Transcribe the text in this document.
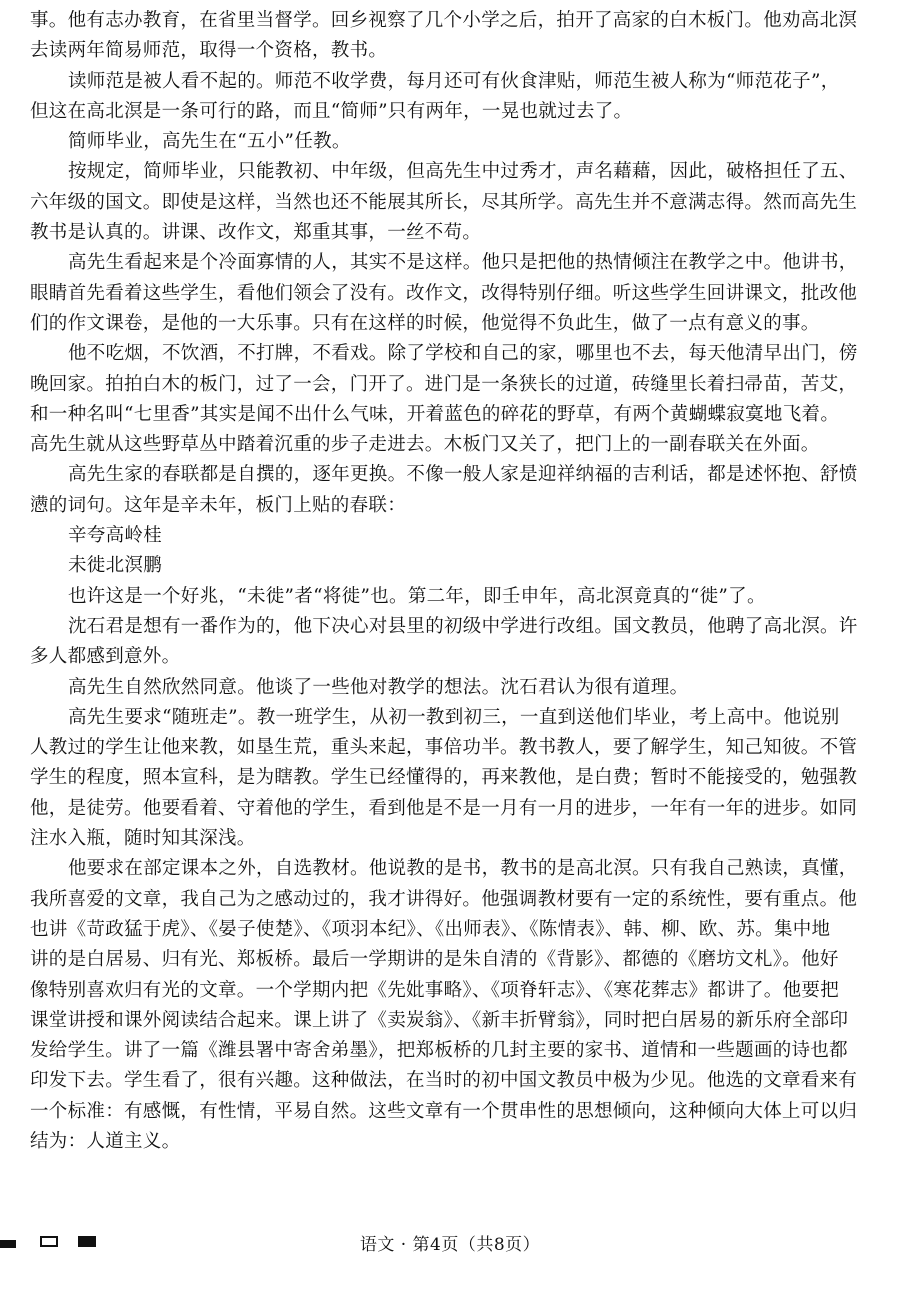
事。他有志办教育，在省里当督学。回乡视察了几个小学之后，拍开了高家的白木板门。他劝高北溟
去读两年简易师范，取得一个资格，教书。
读师范是被人看不起的。师范不收学费，每月还可有伙食津贴，师范生被人称为“师范花子”，
但这在高北溟是一条可行的路，而且“简师”只有两年，一晃也就过去了。
简师毕业，高先生在“五小”任教。
按规定，简师毕业，只能教初、中年级，但高先生中过秀才，声名藉藉，因此，破格担任了五、
六年级的国文。即使是这样，当然也还不能展其所长，尽其所学。高先生并不意满志得。然而高先生
教书是认真的。讲课、改作文，郑重其事，一丝不苟。
高先生看起来是个冷面寡情的人，其实不是这样。他只是把他的热情倾注在教学之中。他讲书，
眼睛首先看着这些学生，看他们领会了没有。改作文，改得特别仔细。听这些学生回讲课文，批改他
们的作文课卷，是他的一大乐事。只有在这样的时候，他觉得不负此生，做了一点有意义的事。
他不吃烟，不饮酒，不打牌，不看戏。除了学校和自己的家，哪里也不去，每天他清早出门，傍
晚回家。拍拍白木的板门，过了一会，门开了。进门是一条狭长的过道，砖缝里长着扫帚苗，苦艾，
和一种名叫“七里香”其实是闻不出什么气味，开着蓝色的碎花的野草，有两个黄蝴蝶寂寞地飞着。
高先生就从这些野草丛中踏着沉重的步子走进去。木板门又关了，把门上的一副春联关在外面。
高先生家的春联都是自撰的，逐年更换。不像一般人家是迎祥纳福的吉利话，都是述怀抱、舒愤
懑的词句。这年是辛未年，板门上贴的春联：
辛夸高岭桂
未徙北溟鹏
也许这是一个好兆，“未徙”者“将徙”也。第二年，即壬申年，高北溟竟真的“徙”了。
沈石君是想有一番作为的，他下决心对县里的初级中学进行改组。国文教员，他聘了高北溟。许
多人都感到意外。
高先生自然欣然同意。他谈了一些他对教学的想法。沈石君认为很有道理。
高先生要求“随班走”。教一班学生，从初一教到初三，一直到送他们毕业，考上高中。他说别
人教过的学生让他来教，如垦生荒，重头来起，事倍功半。教书教人，要了解学生，知己知彼。不管
学生的程度，照本宣科，是为瞎教。学生已经懂得的，再来教他，是白费；暂时不能接受的，勉强教
他，是徒劳。他要看着、守着他的学生，看到他是不是一月有一月的进步，一年有一年的进步。如同
注水入瓶，随时知其深浅。
他要求在部定课本之外，自选教材。他说教的是书，教书的是高北溟。只有我自己熟读，真懂，
我所喜爱的文章，我自己为之感动过的，我才讲得好。他强调教材要有一定的系统性，要有重点。他
也讲《苛政猛于虎》、《晏子使楚》、《项羽本纪》、《出师表》、《陈情表》、韩、柳、欧、苏。集中地
讲的是白居易、归有光、郑板桥。最后一学期讲的是朱自清的《背影》、都德的《磨坊文札》。他好
像特别喜欢归有光的文章。一个学期内把《先妣事略》、《项脊轩志》、《寒花葬志》都讲了。他要把
课堂讲授和课外阅读结合起来。课上讲了《卖炭翁》、《新丰折臂翁》，同时把白居易的新乐府全部印
发给学生。讲了一篇《潍县署中寄舍弟墨》，把郑板桥的几封主要的家书、道情和一些题画的诗也都
印发下去。学生看了，很有兴趣。这种做法，在当时的初中国文教员中极为少见。他选的文章看来有
一个标准：有感慨，有性情，平易自然。这些文章有一个贯串性的思想倾向，这种倾向大体上可以归
结为：人道主义。
语文 · 第4页（共8页）
